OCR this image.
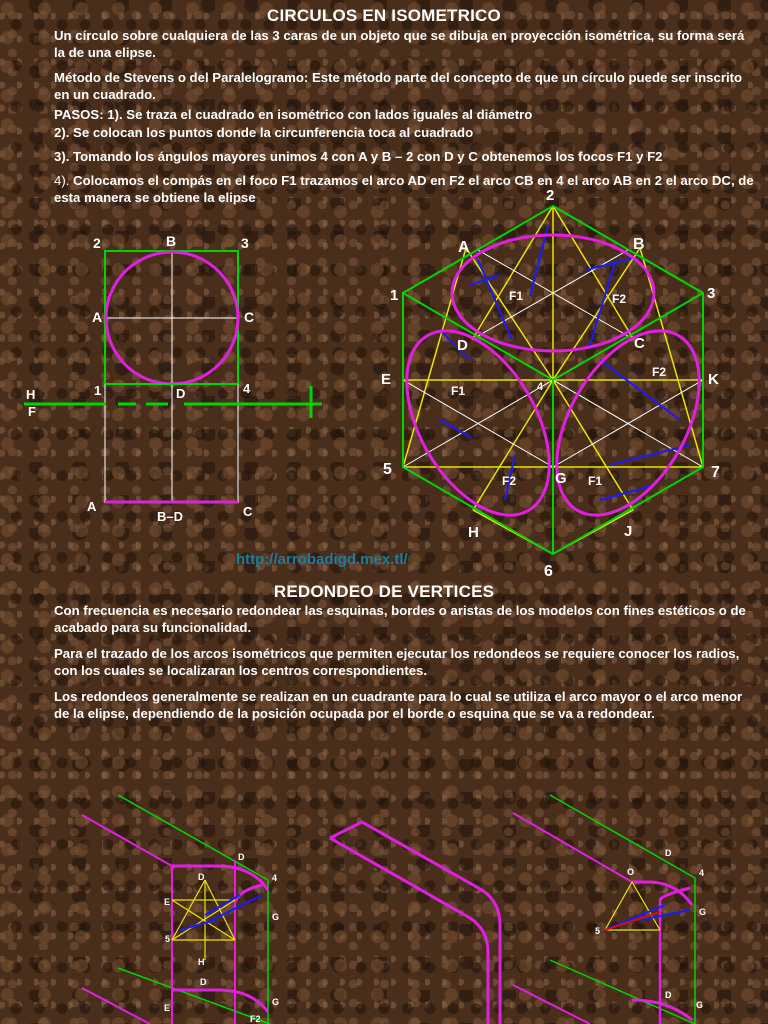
CIRCULOS EN ISOMETRICO
Un círculo sobre cualquiera de las 3 caras de un objeto que se dibuja en proyección isométrica, su forma será la de una elipse.
Método de Stevens o del Paralelogramo: Este método parte del concepto de que un círculo puede ser inscrito en un cuadrado.
PASOS: 1). Se traza el cuadrado en isométrico con lados iguales al diámetro
2). Se colocan los puntos donde la circunferencia toca al cuadrado
3). Tomando los ángulos mayores unimos 4 con A y B – 2 con D y C obtenemos los focos F1 y F2
4). Colocamos el compás en el foco F1 trazamos el arco AD en F2 el arco CB en 4 el arco AB en 2 el arco DC, de esta manera se obtiene la elipse
2	B	3
A	C
H
F
1	D	4
A
B–D	C
2
A	B
1	3
F1	F2
D	C
E	K
F2
F1	4
5
G	7
F2	F1
H	J
6
http://arrobadigd.mex.tl/
REDONDEO DE VERTICES
Con frecuencia es necesario redondear las esquinas, bordes o aristas de los modelos con fines estéticos o de acabado para su funcionalidad.
Para el trazado de los arcos isométricos que permiten ejecutar los redondeos se requiere conocer los radios, con los cuales se localizaran los centros correspondientes.
Los redondeos generalmente se realizan en un cuadrante para lo cual se utiliza el arco mayor o el arco menor de la elipse, dependiendo de la posición ocupada por el borde o esquina que se va a redondear.
D
D
4
E
5
G
H
D
E
F2
G
D
O	4
5
G
D
G
